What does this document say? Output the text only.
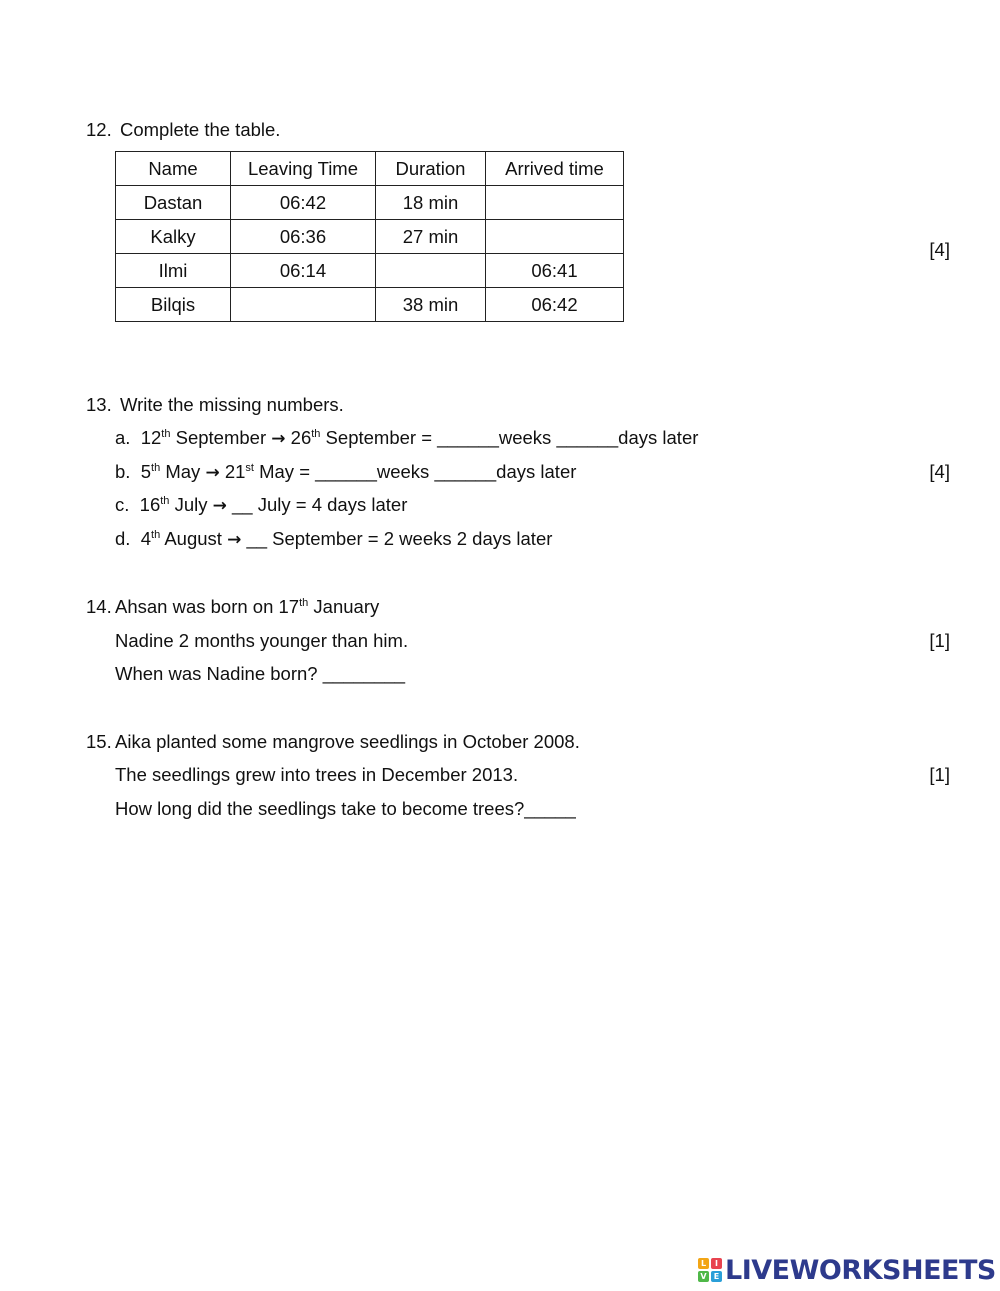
12. Complete the table.
Name	Leaving Time	Duration	Arrived time
Dastan	06:42	18 min	
Kalky	06:36	27 min	
Ilmi	06:14		06:41
Bilqis		38 min	06:42
[4]
13. Write the missing numbers.
a. 12th September → 26th September = ______weeks ______days later
b. 5th May → 21st May = ______weeks ______days later
c. 16th July → __ July = 4 days later
d. 4th August → __ September = 2 weeks 2 days later
[4]
14. Ahsan was born on 17th January
Nadine 2 months younger than him.
When was Nadine born? ________
[1]
15. Aika planted some mangrove seedlings in October 2008.
The seedlings grew into trees in December 2013.
How long did the seedlings take to become trees?_____
[1]
L	I
V E LIVEWORKSHEETS
